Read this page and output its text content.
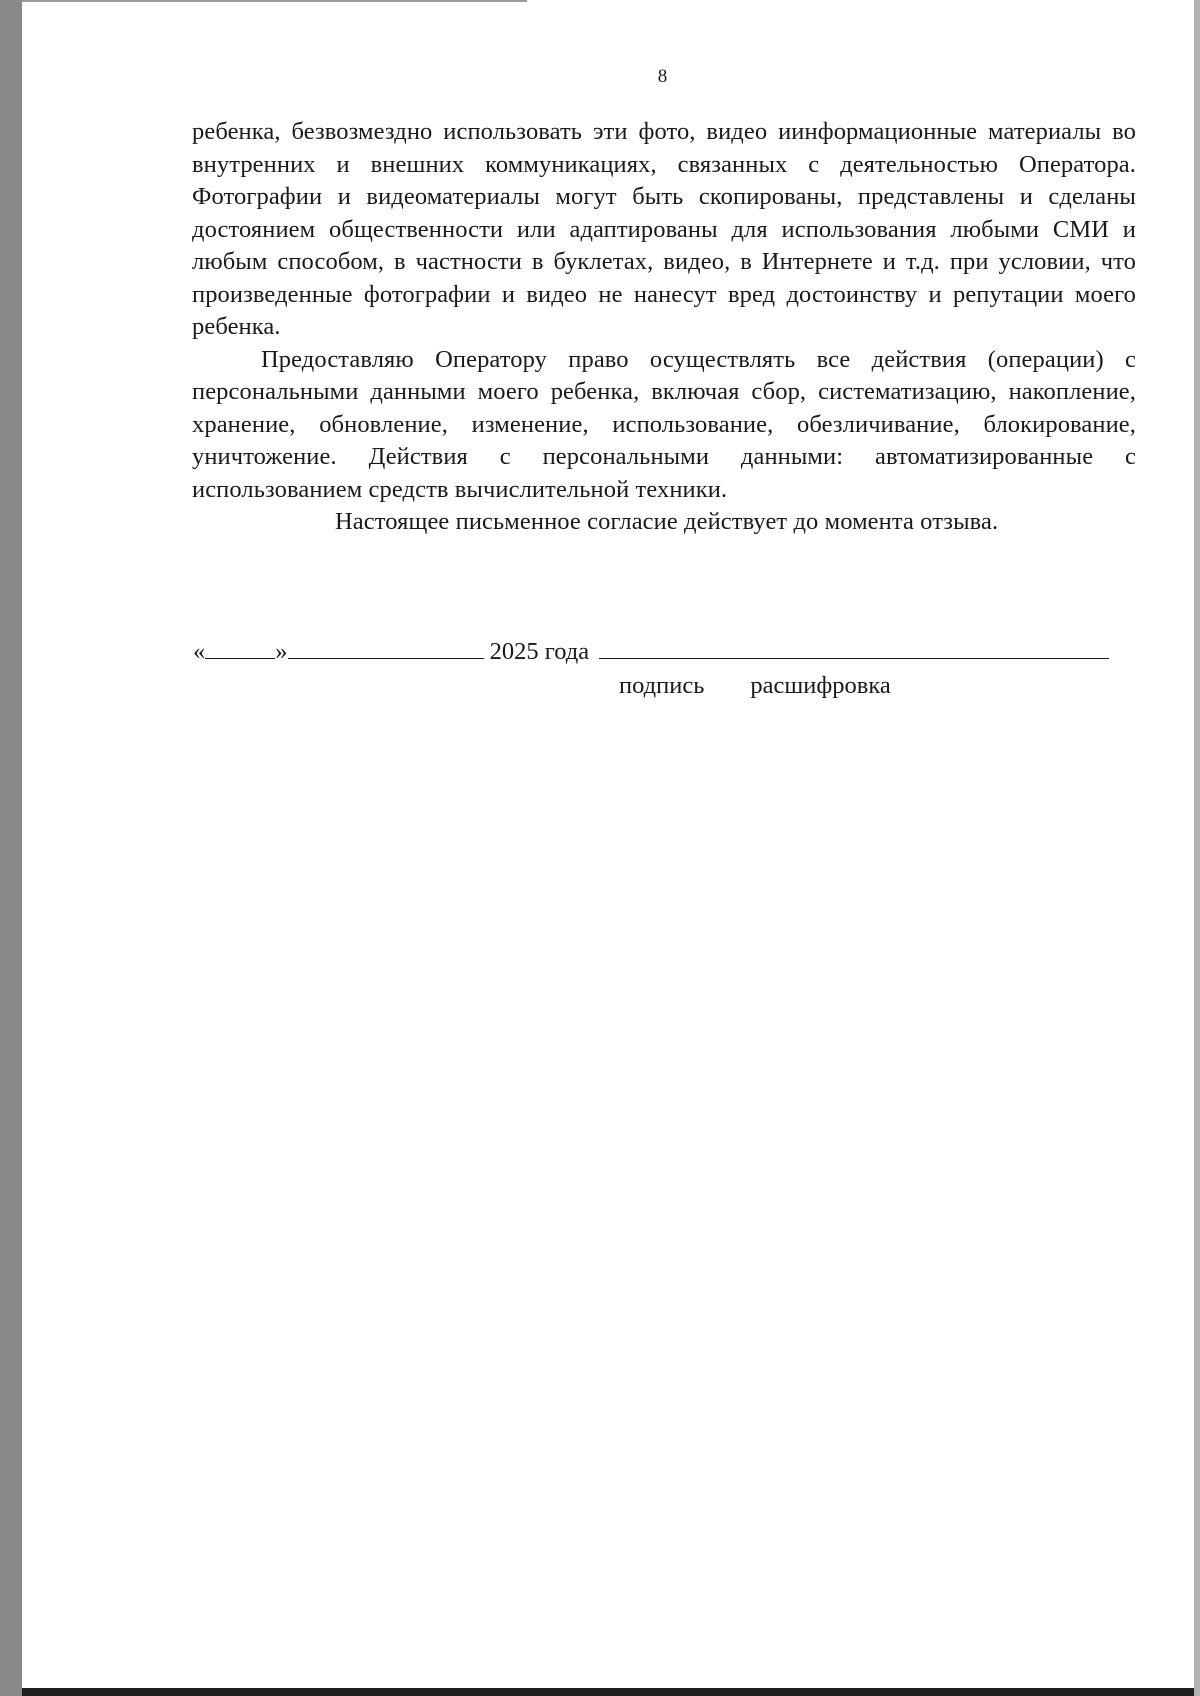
8

ребенка, безвозмездно использовать эти фото, видео иинформационные материалы во внутренних и внешних коммуникациях, связанных с деятельностью Оператора. Фотографии и видеоматериалы могут быть скопированы, представлены и сделаны достоянием общественности или адаптированы для использования любыми СМИ и любым способом, в частности в буклетах, видео, в Интернете и т.д. при условии, что произведенные фотографии и видео не нанесут вред достоинству и репутации моего ребенка.

Предоставляю Оператору право осуществлять все действия (операции) с персональными данными моего ребенка, включая сбор, систематизацию, накопление, хранение, обновление, изменение, использование, обезличивание, блокирование, уничтожение. Действия с персональными данными: автоматизированные с использованием средств вычислительной техники.

Настоящее письменное согласие действует до момента отзыва.

«	»	2025 года
подпись расшифровка
